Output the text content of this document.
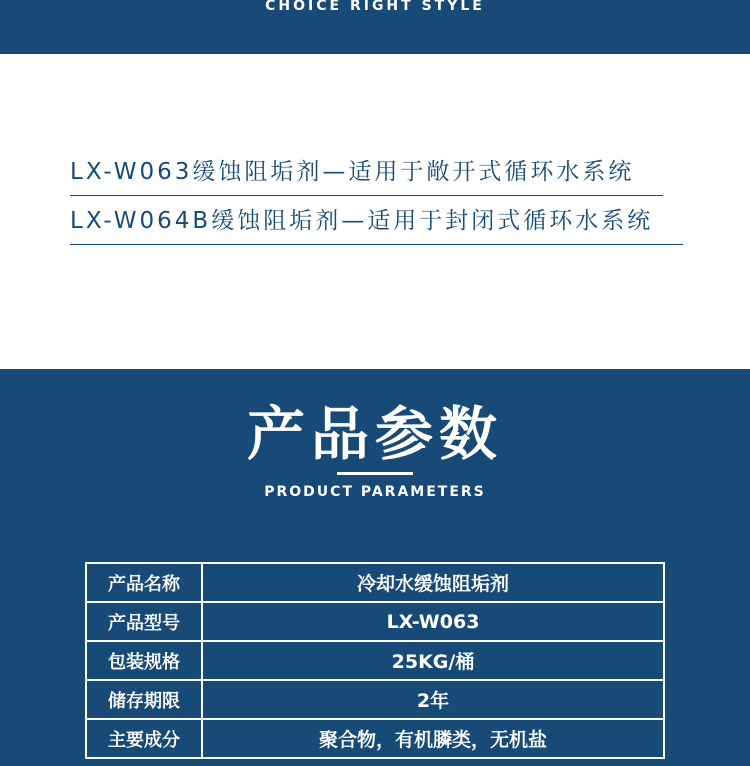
CHOICE RIGHT STYLE
LX-W063缓蚀阻垢剂—适用于敞开式循环水系统
LX-W064B缓蚀阻垢剂—适用于封闭式循环水系统
产品参数
PRODUCT PARAMETERS
产品名称	冷却水缓蚀阻垢剂
产品型号	LX-W063
包装规格	25KG/桶
储存期限	2年
主要成分	聚合物，有机膦类，无机盐
